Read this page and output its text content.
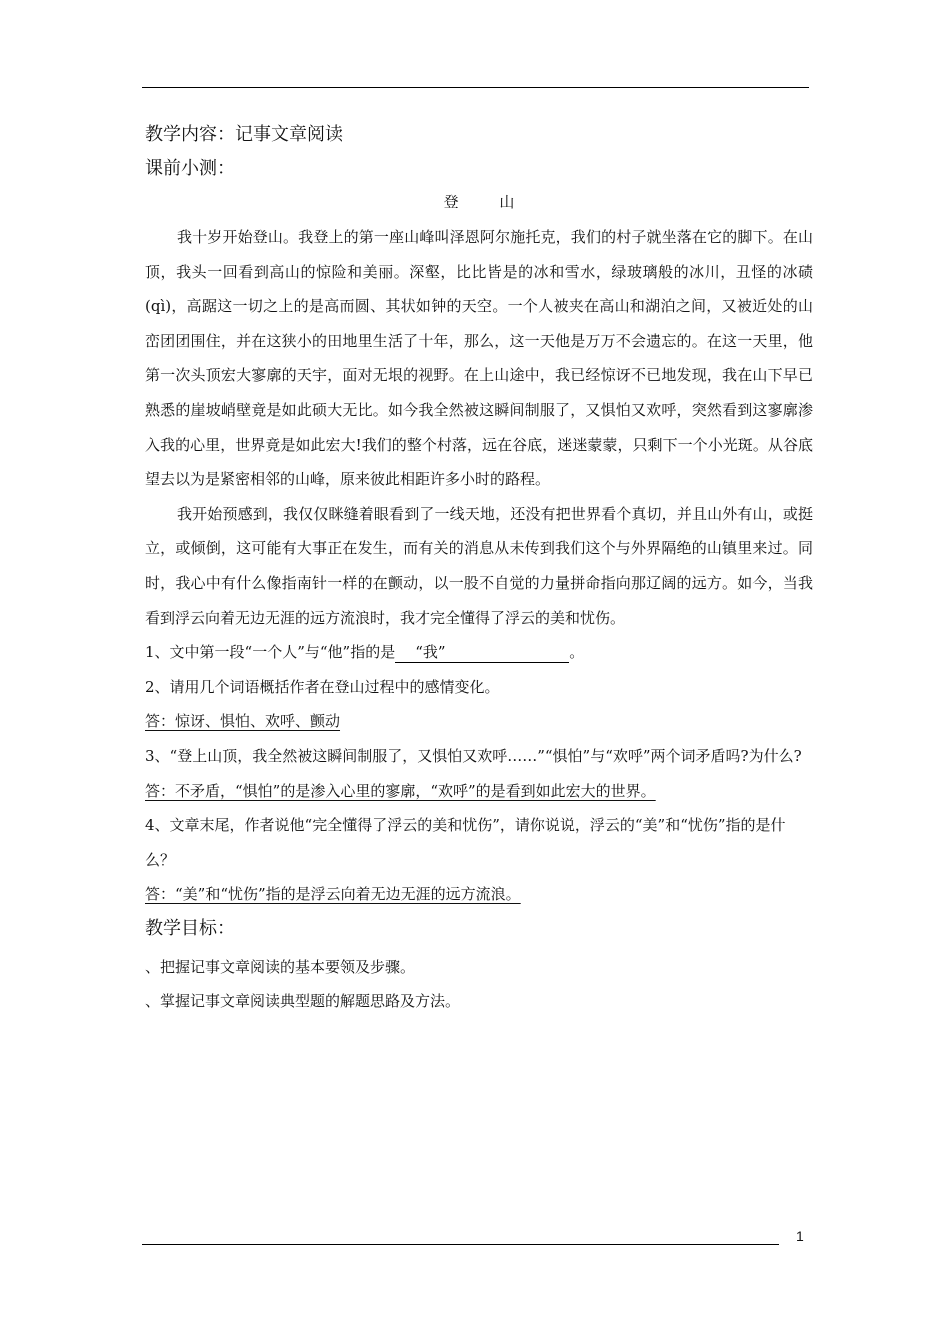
教学内容：记事文章阅读
课前小测：
登 山
我十岁开始登山。我登上的第一座山峰叫泽恩阿尔施托克，我们的村子就坐落在它的脚下。在山顶，我头一回看到高山的惊险和美丽。深壑，比比皆是的冰和雪水，绿玻璃般的冰川，丑怪的冰碛(qì)，高踞这一切之上的是高而圆、其状如钟的天空。一个人被夹在高山和湖泊之间，又被近处的山峦团团围住，并在这狭小的田地里生活了十年，那么，这一天他是万万不会遗忘的。在这一天里，他第一次头顶宏大寥廓的天宇，面对无垠的视野。在上山途中，我已经惊讶不已地发现，我在山下早已熟悉的崖坡峭壁竟是如此硕大无比。如今我全然被这瞬间制服了，又惧怕又欢呼，突然看到这寥廓渗入我的心里，世界竟是如此宏大!我们的整个村落，远在谷底，迷迷蒙蒙，只剩下一个小光斑。从谷底望去以为是紧密相邻的山峰，原来彼此相距许多小时的路程。
我开始预感到，我仅仅眯缝着眼看到了一线天地，还没有把世界看个真切，并且山外有山，或挺立，或倾倒，这可能有大事正在发生，而有关的消息从未传到我们这个与外界隔绝的山镇里来过。同时，我心中有什么像指南针一样的在颤动，以一股不自觉的力量拼命指向那辽阔的远方。如今，当我看到浮云向着无边无涯的远方流浪时，我才完全懂得了浮云的美和忧伤。
1、文中第一段“一个人”与“他”指的是 “我”	。
2、请用几个词语概括作者在登山过程中的感情变化。
答：惊讶、惧怕、欢呼、颤动
3、“登上山顶，我全然被这瞬间制服了，又惧怕又欢呼……”“惧怕”与“欢呼”两个词矛盾吗?为什么?
答：不矛盾，“惧怕”的是渗入心里的寥廓，“欢呼”的是看到如此宏大的世界。
4、文章末尾，作者说他“完全懂得了浮云的美和忧伤”，请你说说，浮云的“美”和“忧伤”指的是什么？
答：“美”和“忧伤”指的是浮云向着无边无涯的远方流浪。
教学目标：
、把握记事文章阅读的基本要领及步骤。
、掌握记事文章阅读典型题的解题思路及方法。
1
